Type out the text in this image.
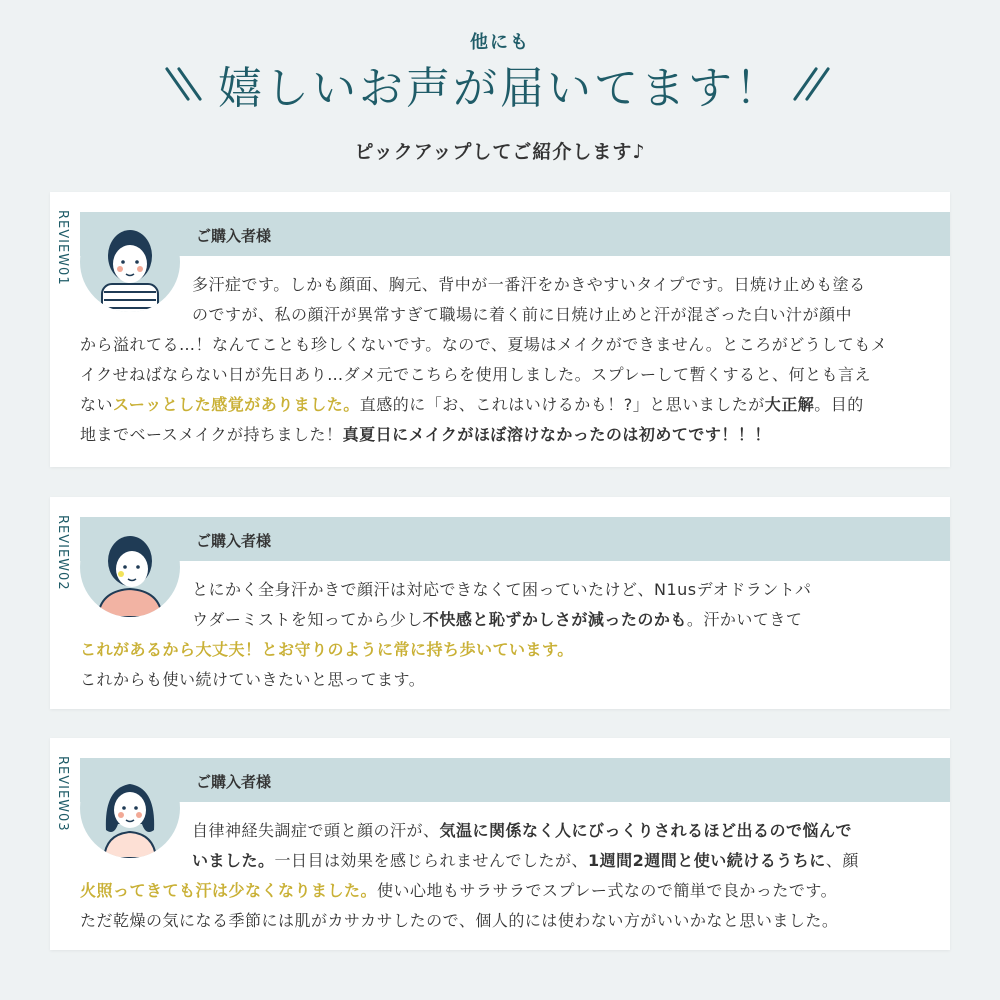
他にも
嬉しいお声が届いてます！
ピックアップしてご紹介します♪
REVIEW01	ご購入者様
多汗症です。しかも顔面、胸元、背中が一番汗をかきやすいタイプです。日焼け止めも塗る
のですが、私の顔汗が異常すぎて職場に着く前に日焼け止めと汗が混ざった白い汁が顔中
から溢れてる…！なんてことも珍しくないです。なので、夏場はメイクができません。ところがどうしてもメ
イクせねばならない日が先日あり…ダメ元でこちらを使用しました。スプレーして暫くすると、何とも言え
ないスーッとした感覚がありました。直感的に「お、これはいけるかも！?」と思いましたが大正解。目的
地までベースメイクが持ちました！真夏日にメイクがほぼ溶けなかったのは初めてです！！！
REVIEW02	ご購入者様
とにかく全身汗かきで顔汗は対応できなくて困っていたけど、N1usデオドラントパ
ウダーミストを知ってから少し不快感と恥ずかしさが減ったのかも。汗かいてきて
これがあるから大丈夫！とお守りのように常に持ち歩いています。
これからも使い続けていきたいと思ってます。
REVIEW03	ご購入者様
自律神経失調症で頭と顔の汗が、気温に関係なく人にびっくりされるほど出るので悩んで
いました。一日目は効果を感じられませんでしたが、1週間2週間と使い続けるうちに、顔
火照ってきても汗は少なくなりました。使い心地もサラサラでスプレー式なので簡単で良かったです。
ただ乾燥の気になる季節には肌がカサカサしたので、個人的には使わない方がいいかなと思いました。
